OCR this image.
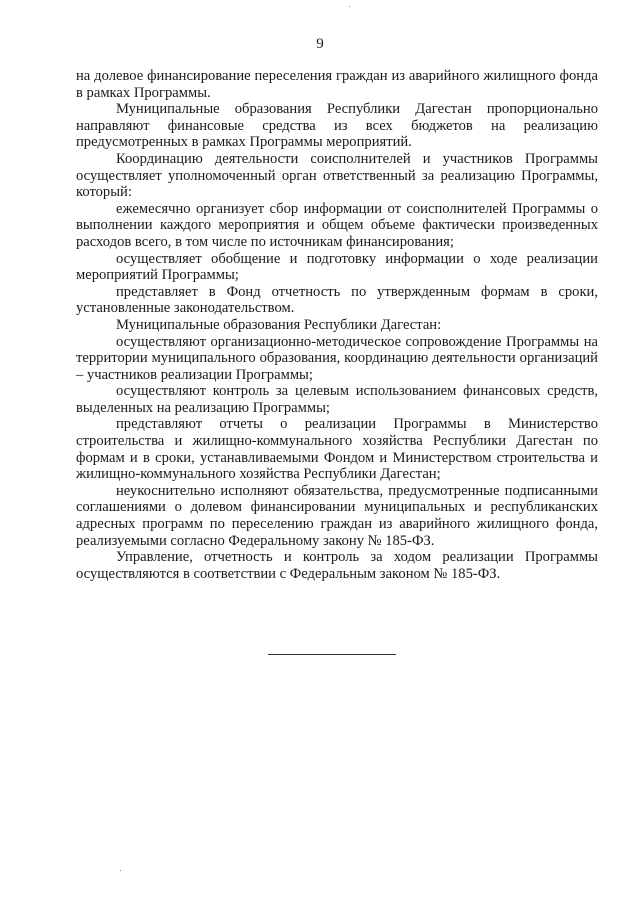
9

на долевое финансирование переселения граждан из аварийного жилищного фонда в рамках Программы.

Муниципальные образования Республики Дагестан пропорционально направляют финансовые средства из всех бюджетов на реализацию предусмотренных в рамках Программы мероприятий.

Координацию деятельности соисполнителей и участников Программы осуществляет уполномоченный орган ответственный за реализацию Программы, который:

ежемесячно организует сбор информации от соисполнителей Программы о выполнении каждого мероприятия и общем объеме фактически произведенных расходов всего, в том числе по источникам финансирования;

осуществляет обобщение и подготовку информации о ходе реализации мероприятий Программы;

представляет в Фонд отчетность по утвержденным формам в сроки, установленные законодательством.

Муниципальные образования Республики Дагестан:

осуществляют организационно-методическое сопровождение Программы на территории муниципального образования, координацию деятельности организаций – участников реализации Программы;

осуществляют контроль за целевым использованием финансовых средств, выделенных на реализацию Программы;

представляют отчеты о реализации Программы в Министерство строительства и жилищно-коммунального хозяйства Республики Дагестан по формам и в сроки, устанавливаемыми Фондом и Министерством строительства и жилищно-коммунального хозяйства Республики Дагестан;

неукоснительно исполняют обязательства, предусмотренные подписанными соглашениями о долевом финансировании муниципальных и республиканских адресных программ по переселению граждан из аварийного жилищного фонда, реализуемыми согласно Федеральному закону № 185-ФЗ.

Управление, отчетность и контроль за ходом реализации Программы осуществляются в соответствии с Федеральным законом № 185-ФЗ.
